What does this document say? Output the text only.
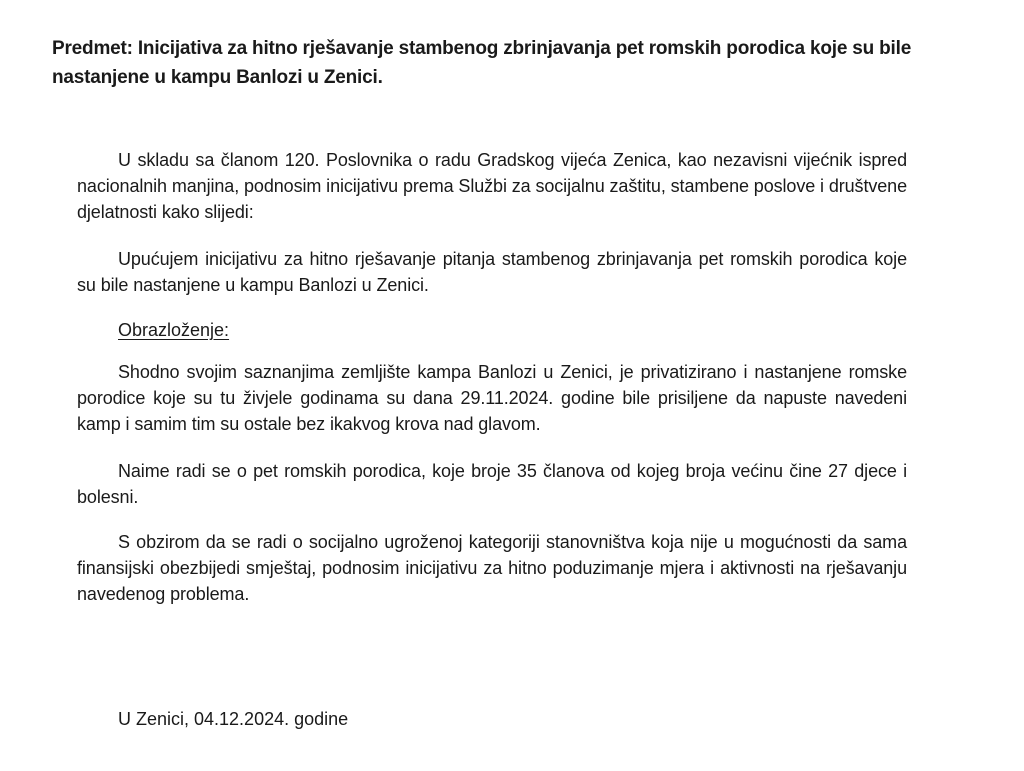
Predmet: Inicijativa za hitno rješavanje stambenog zbrinjavanja pet romskih porodica koje su bile nastanjene u kampu Banlozi u Zenici.

U skladu sa članom 120. Poslovnika o radu Gradskog vijeća Zenica, kao nezavisni vijećnik ispred nacionalnih manjina, podnosim inicijativu prema Službi za socijalnu zaštitu, stambene poslove i društvene djelatnosti kako slijedi:

Upućujem inicijativu za hitno rješavanje pitanja stambenog zbrinjavanja pet romskih porodica koje su bile nastanjene u kampu Banlozi u Zenici.

Obrazloženje:

Shodno svojim saznanjima zemljište kampa Banlozi u Zenici, je privatizirano i nastanjene romske porodice koje su tu živjele godinama su dana 29.11.2024. godine bile prisiljene da napuste navedeni kamp i samim tim su ostale bez ikakvog krova nad glavom.

Naime radi se o pet romskih porodica, koje broje 35 članova od kojeg broja većinu čine 27 djece i bolesni.

S obzirom da se radi o socijalno ugroženoj kategoriji stanovništva koja nije u mogućnosti da sama finansijski obezbijedi smještaj, podnosim inicijativu za hitno poduzimanje mjera i aktivnosti na rješavanju navedenog problema.

U Zenici, 04.12.2024. godine
